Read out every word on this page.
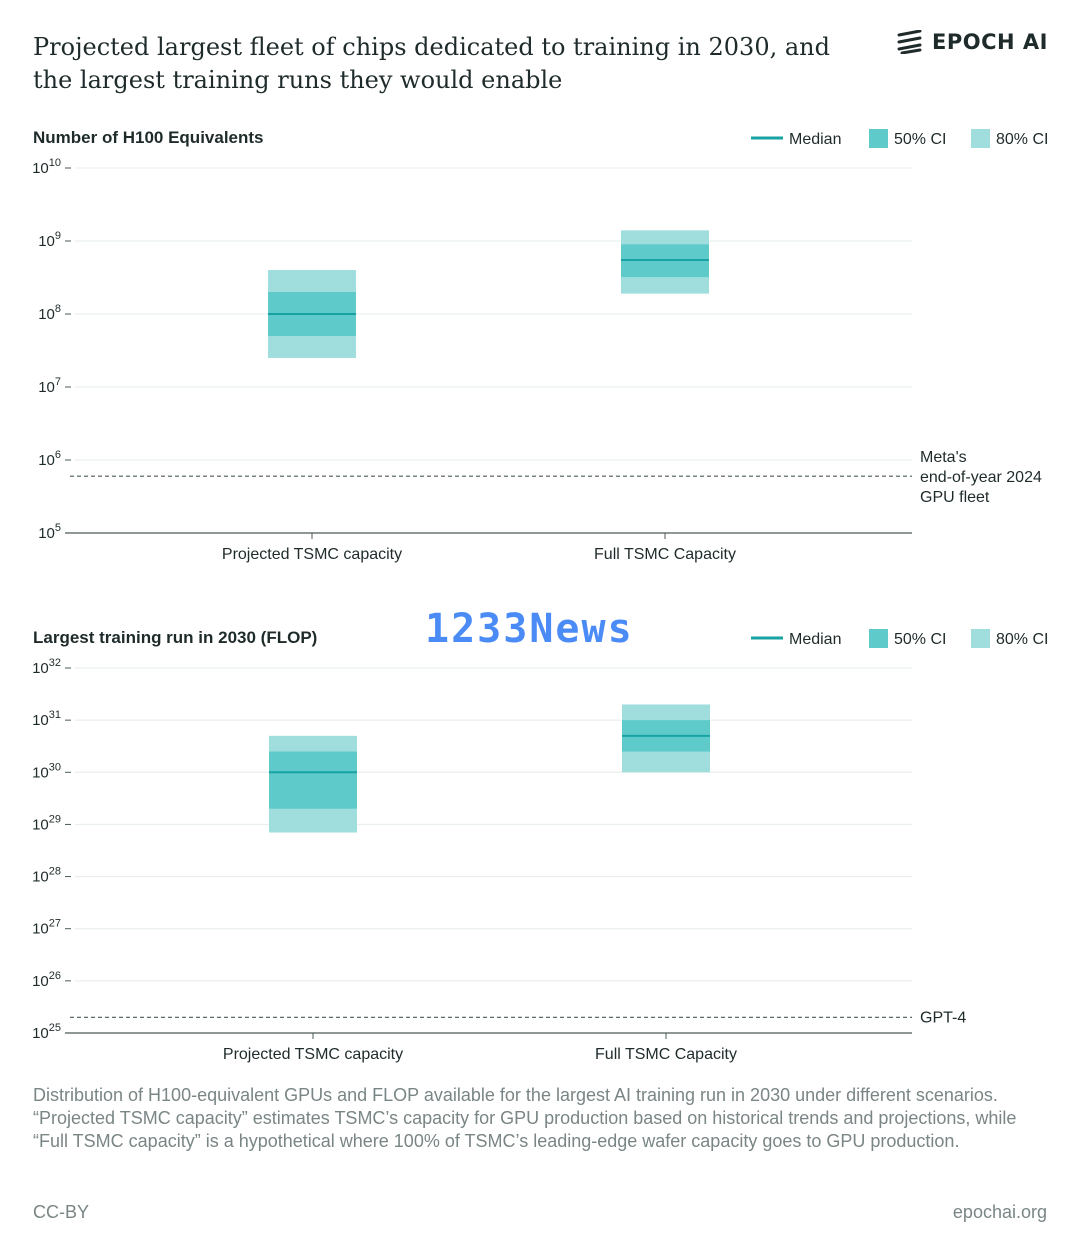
Projected largest fleet of chips dedicated to training in 2030, and the largest training runs they would enable
EPOCH AI
Number of H100 Equivalents	Median	50% CI	80% CI
$10^5$
$10^6$
$10^7$
$10^8$
$10^9$
$10^{10}$
Projected TSMC capacity	Full TSMC Capacity
Meta's
end-of-year 2024
GPU fleet
Largest training run in 2030 (FLOP)	Median	50% CI	80% CI
$10^{25}$
$10^{26}$
$10^{27}$
$10^{28}$
$10^{29}$
$10^{30}$
$10^{31}$
$10^{32}$
Projected TSMC capacity	Full TSMC Capacity
GPT-4
1233News

Distribution of H100-equivalent GPUs and FLOP available for the largest AI training run in 2030 under different scenarios. “Projected TSMC capacity” estimates TSMC’s capacity for GPU production based on historical trends and projections, while “Full TSMC capacity” is a hypothetical where 100% of TSMC’s leading-edge wafer capacity goes to GPU production.

CC-BY	epochai.org
